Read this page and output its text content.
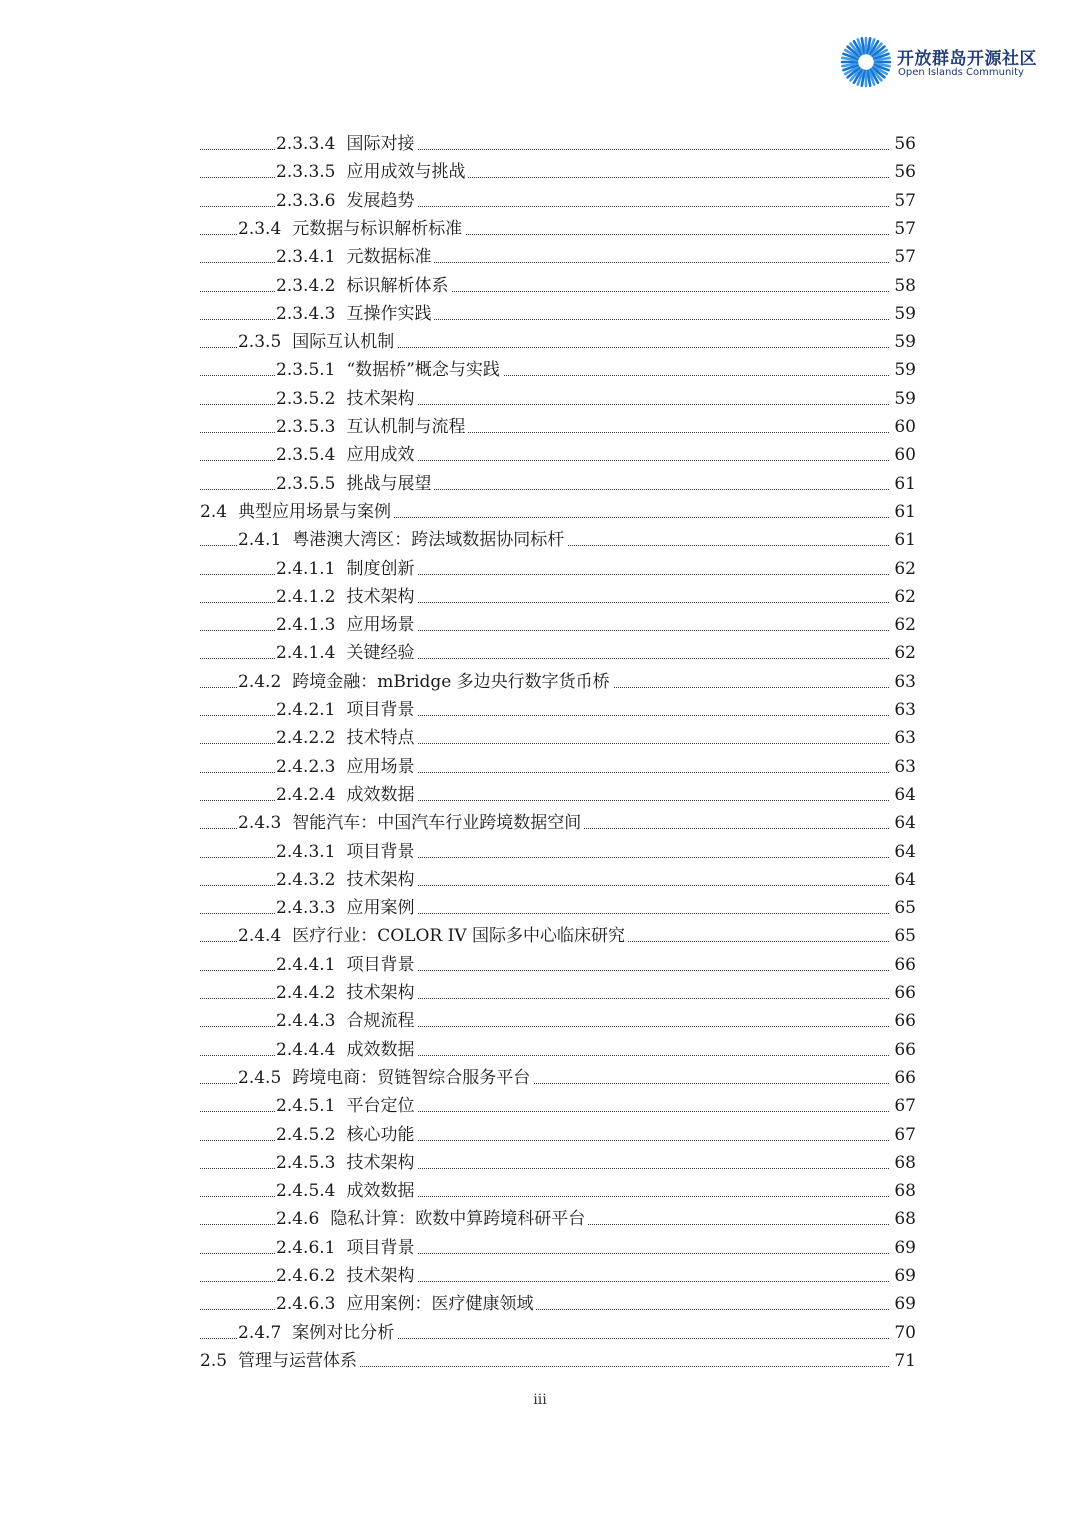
开放群岛开源社区
Open Islands Community
2.3.3.4 国际对接	56
2.3.3.5 应用成效与挑战	56
2.3.3.6 发展趋势	57
2.3.4 元数据与标识解析标准	57
2.3.4.1 元数据标准	57
2.3.4.2 标识解析体系	58
2.3.4.3 互操作实践	59
2.3.5 国际互认机制	59
2.3.5.1 “数据桥”概念与实践	59
2.3.5.2 技术架构	59
2.3.5.3 互认机制与流程	60
2.3.5.4 应用成效	60
2.3.5.5 挑战与展望	61
2.4 典型应用场景与案例	61
2.4.1 粤港澳大湾区：跨法域数据协同标杆	61
2.4.1.1 制度创新	62
2.4.1.2 技术架构	62
2.4.1.3 应用场景	62
2.4.1.4 关键经验	62
2.4.2 跨境金融：mBridge 多边央行数字货币桥	63
2.4.2.1 项目背景	63
2.4.2.2 技术特点	63
2.4.2.3 应用场景	63
2.4.2.4 成效数据	64
2.4.3 智能汽车：中国汽车行业跨境数据空间	64
2.4.3.1 项目背景	64
2.4.3.2 技术架构	64
2.4.3.3 应用案例	65
2.4.4 医疗行业：COLOR IV 国际多中心临床研究	65
2.4.4.1 项目背景	66
2.4.4.2 技术架构	66
2.4.4.3 合规流程	66
2.4.4.4 成效数据	66
2.4.5 跨境电商：贸链智综合服务平台	66
2.4.5.1 平台定位	67
2.4.5.2 核心功能	67
2.4.5.3 技术架构	68
2.4.5.4 成效数据	68
2.4.6 隐私计算：欧数中算跨境科研平台	68
2.4.6.1 项目背景	69
2.4.6.2 技术架构	69
2.4.6.3 应用案例：医疗健康领域	69
2.4.7 案例对比分析	70
2.5 管理与运营体系	71
iii
